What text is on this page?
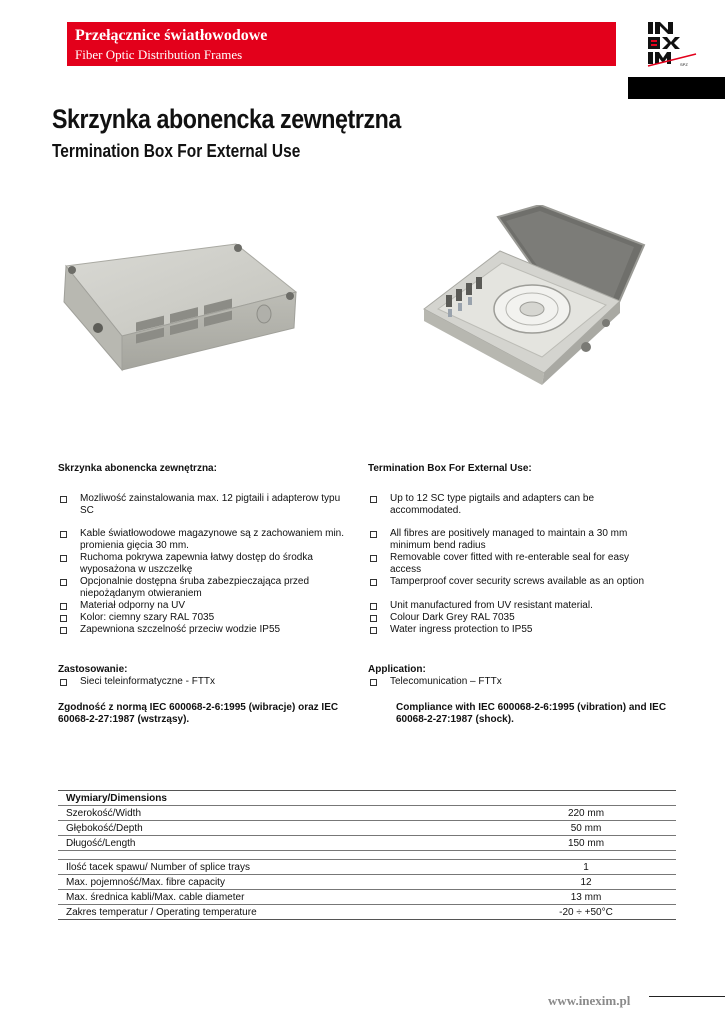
Przełącznice światłowodowe
Fiber Optic Distribution Frames
SPZ
Skrzynka abonencka zewnętrzna
Termination Box For External Use
Skrzynka abonencka zewnętrzna:
Mozliwość zainstalowania max. 12 pigtaili i adapterow typu SC
Kable światłowodowe magazynowe są z zachowaniem min. promienia gięcia 30 mm.
Ruchoma pokrywa zapewnia łatwy dostęp do środka wyposażona w uszczelkę
Opcjonalnie dostępna śruba zabezpieczająca przed niepożądanym otwieraniem
Materiał odporny na UV
Kolor: ciemny szary RAL 7035
Zapewniona szczelność przeciw wodzie IP55
Zastosowanie:
Sieci teleinformatyczne - FTTx
Zgodność z normą IEC 600068-2-6:1995 (wibracje) oraz IEC 60068-2-27:1987 (wstrząsy).
Termination Box For External Use:
Up to 12 SC type pigtails and adapters can be accommodated.
All fibres are positively managed to maintain a 30 mm minimum bend radius
Removable cover fitted with re-enterable seal for easy access
Tamperproof cover security screws available as an option
Unit manufactured from UV resistant material.
Colour Dark Grey RAL 7035
Water ingress protection to IP55
Application:
Telecomunication – FTTx
Compliance with IEC 600068-2-6:1995 (vibration) and IEC 60068-2-27:1987 (shock).
Wymiary/Dimensions	
Szerokość/Width	220 mm
Głębokość/Depth	50 mm
Długość/Length	150 mm

Ilość tacek spawu/ Number of splice trays	1
Max. pojemność/Max. fibre capacity	12
Max. średnica kabli/Max. cable diameter	13 mm
Zakres temperatur / Operating temperature	-20 ÷ +50°C
www.inexim.pl
